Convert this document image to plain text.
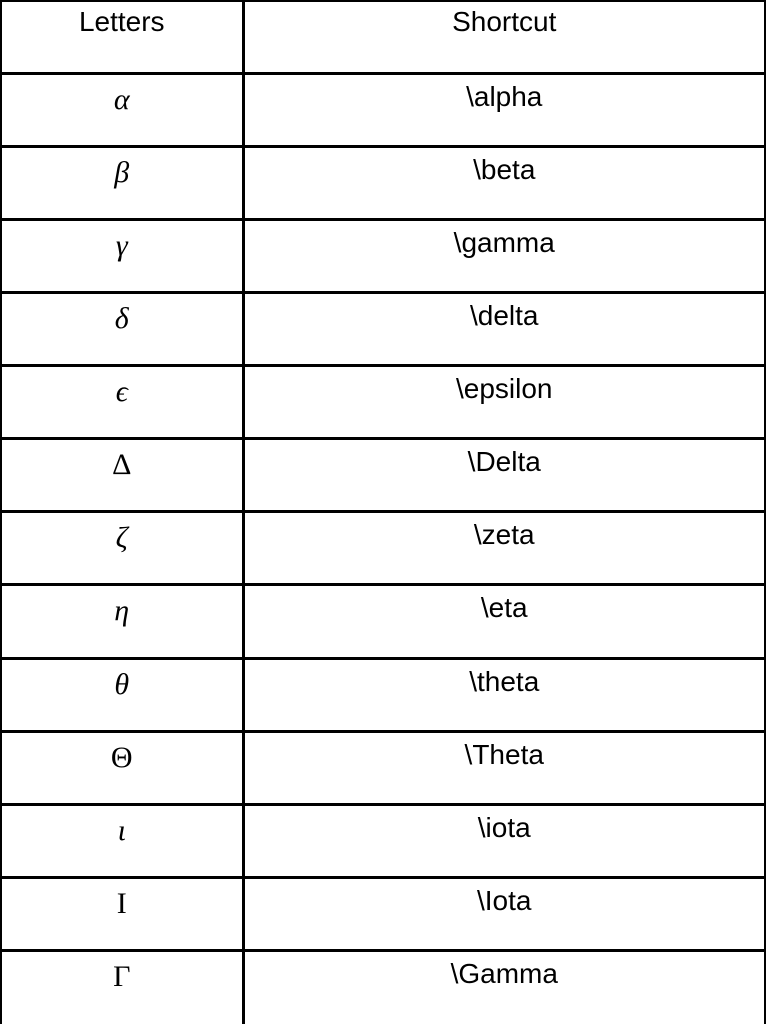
Letters	Shortcut

α	\alpha

β	\beta

γ	\gamma

δ	\delta

ϵ	\epsilon

Δ	\Delta

ζ	\zeta

η	\eta

θ	\theta

Θ	\Theta

ι	\iota

Ι	\Iota

Γ	\Gamma
